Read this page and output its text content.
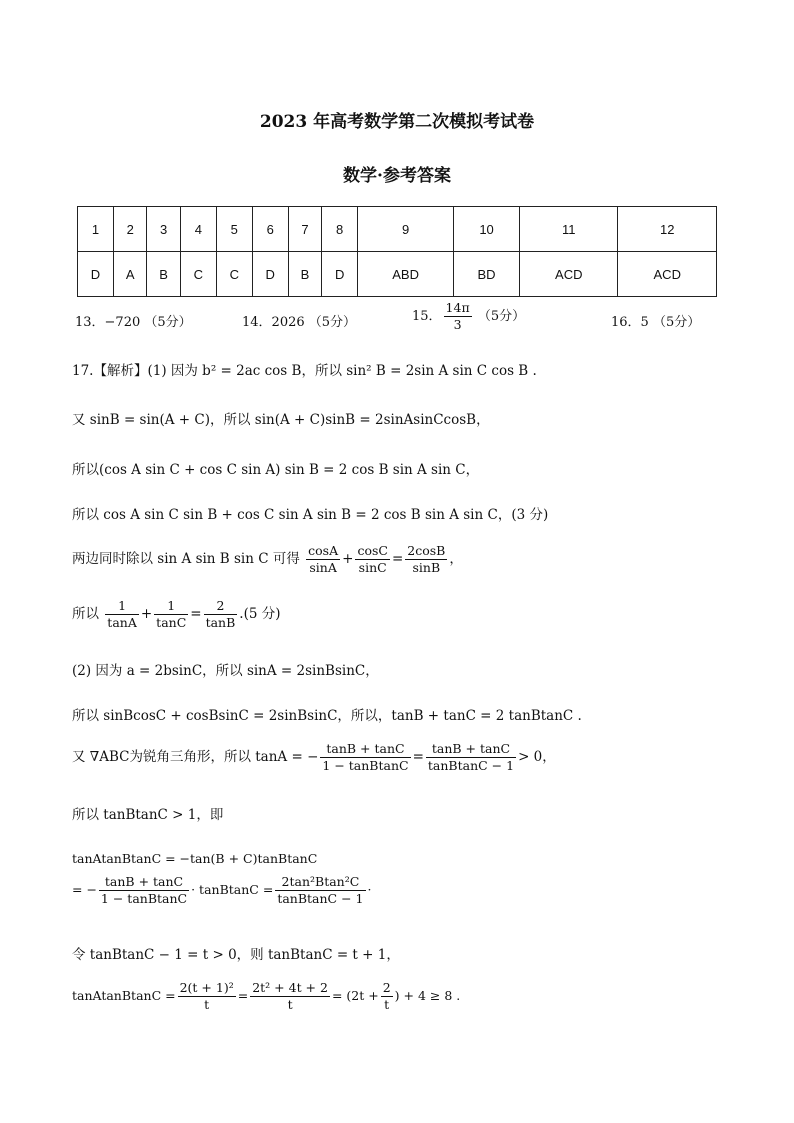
2023 年高考数学第二次模拟考试卷
数学·参考答案
1	2	3	4	5	6	7	8	9	10	11	12
D	A	B	C	C	D	B	D	ABD	BD	ACD	ACD
13．−720 （5分）	14．2026 （5分）	15． $\frac{14\pi}{3} (5$分）	16．5 （5分）
17.【解析】(1) 因为 b² = 2ac cos B，所以 sin² B = 2sin A sin C cos B .
又 sinB = sin(A + C)，所以 sin(A + C)sinB = 2sinAsinCcosB，
所以(cos A sin C + cos C sin A) sin B = 2 cos B sin A sin C，
所以 cos A sin C sin B + cos C sin A sin B = 2 cos B sin A sin C，(3 分)
两边同时除以 sin A sin B sin C 可得 $\frac{\cos A}{\sin A} + \frac{\cos C}{\sin C} = \frac{2\cos B}{\sin B}$ ，
所以 $\frac{1}{\tan A} + \frac{1}{\tan C} = \frac{2}{\tan B} .(5$ 分)
(2) 因为 a = 2bsinC，所以 sinA = 2sinBsinC，
所以 sinBcosC + cosBsinC = 2sinBsinC，所以，tanB + tanC = 2 tanBtanC .
又 ∇ABC为锐角三角形，所以 tanA = − $\frac{\tan B + \tan C}{\text{1 − tanBtanC}} = \frac{\tan B + \tan C}{\text{tanBtanC − 1}} > 0$，
所以 tanBtanC > 1，即
tanAtanBtanC = −tan(B + C)tanBtanC
= − $\frac{\tan B + \tan C}{\text{1 − tanBtanC}}$ · tanBtanC = $\frac{\text{2tan²Btan²C}}{\text{tanBtanC − 1}}$ ·
令 tanBtanC − 1 = t > 0，则 tanBtanC = t + 1，
tanAtanBtanC = $\frac{\text{2(t + 1)²}}{t} = \frac{\text{2t² + 4t + 2}}{t} = (2t + \frac{2}{t}$ ) + 4 ≥ 8 .
